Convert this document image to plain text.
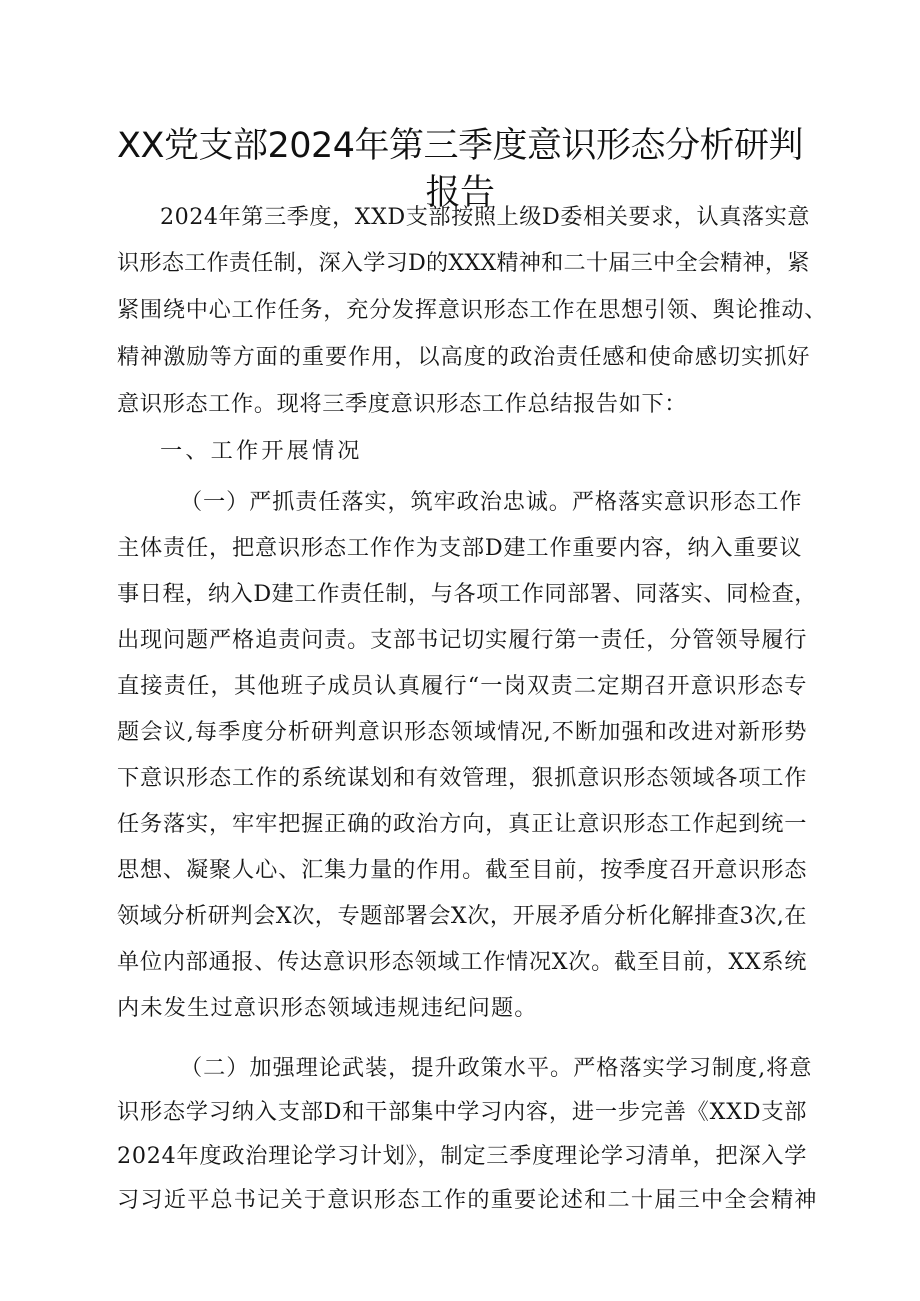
XX党支部2024年第三季度意识形态分析研判
报告
2024年第三季度，XXD支部按照上级D委相关要求，认真落实意
识形态工作责任制，深入学习D的XXX精神和二十届三中全会精神，紧
紧围绕中心工作任务，充分发挥意识形态工作在思想引领、舆论推动、
精神激励等方面的重要作用，以高度的政治责任感和使命感切实抓好
意识形态工作。现将三季度意识形态工作总结报告如下：
一、工作开展情况
（一）严抓责任落实，筑牢政治忠诚。严格落实意识形态工作
主体责任，把意识形态工作作为支部D建工作重要内容，纳入重要议
事日程，纳入D建工作责任制，与各项工作同部署、同落实、同检查，
出现问题严格追责问责。支部书记切实履行第一责任，分管领导履行
直接责任，其他班子成员认真履行“一岗双责二定期召开意识形态专
题会议,每季度分析研判意识形态领域情况,不断加强和改进对新形势
下意识形态工作的系统谋划和有效管理，狠抓意识形态领域各项工作
任务落实，牢牢把握正确的政治方向，真正让意识形态工作起到统一
思想、凝聚人心、汇集力量的作用。截至目前，按季度召开意识形态
领域分析研判会X次，专题部署会X次，开展矛盾分析化解排查3次,在
单位内部通报、传达意识形态领域工作情况X次。截至目前，XX系统
内未发生过意识形态领域违规违纪问题。
（二）加强理论武装，提升政策水平。严格落实学习制度,将意
识形态学习纳入支部D和干部集中学习内容，进一步完善《XXD支部
2024年度政治理论学习计划》，制定三季度理论学习清单，把深入学
习习近平总书记关于意识形态工作的重要论述和二十届三中全会精神
